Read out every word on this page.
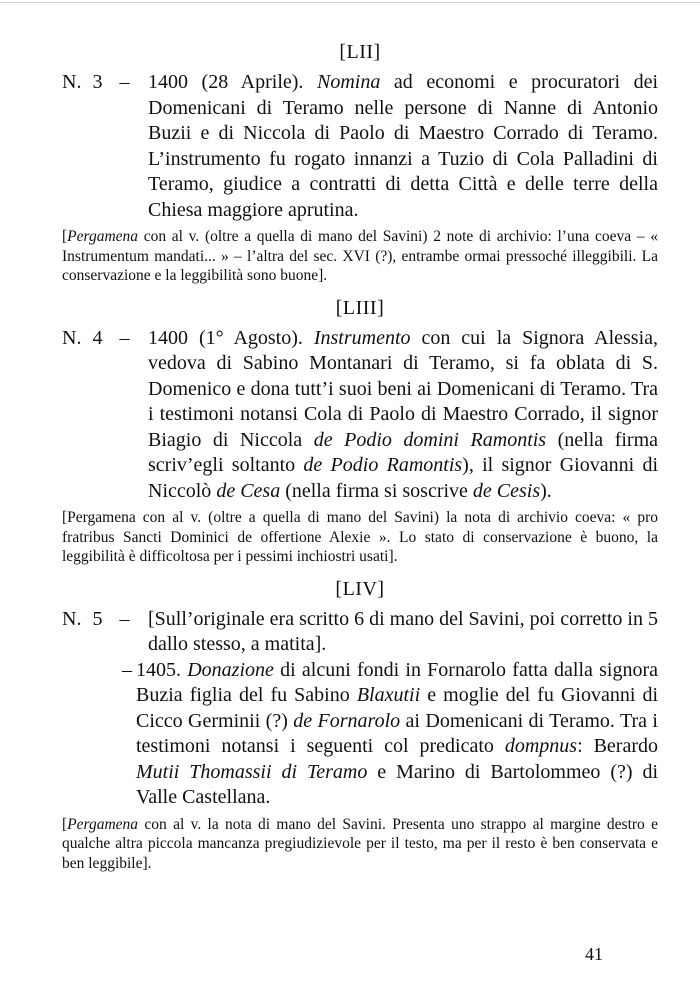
[LII]
N. 3 – 1400 (28 Aprile). Nomina ad economi e procuratori dei Domenicani di Teramo nelle persone di Nanne di Antonio Buzii e di Niccola di Paolo di Maestro Corrado di Teramo. L’instrumento fu rogato innanzi a Tuzio di Cola Palladini di Teramo, giudice a contratti di detta Città e delle terre della Chiesa maggiore aprutina.
[Pergamena con al v. (oltre a quella di mano del Savini) 2 note di archivio: l’una coeva – « Instrumentum mandati... » – l’altra del sec. XVI (?), entrambe ormai pressoché illeggibili. La conservazione e la leggibilità sono buone].
[LIII]
N. 4 – 1400 (1° Agosto). Instrumento con cui la Signora Alessia, vedova di Sabino Montanari di Teramo, si fa oblata di S. Domenico e dona tutt’i suoi beni ai Domenicani di Teramo. Tra i testimoni notansi Cola di Paolo di Maestro Corrado, il signor Biagio di Niccola de Podio domini Ramontis (nella firma scriv’egli soltanto de Podio Ramontis), il signor Giovanni di Niccolò de Cesa (nella firma si soscrive de Cesis).
[Pergamena con al v. (oltre a quella di mano del Savini) la nota di archivio coeva: « pro fratribus Sancti Dominici de offertione Alexie ». Lo stato di conservazione è buono, la leggibilità è difficoltosa per i pessimi inchiostri usati].
[LIV]
N. 5 – [Sull’originale era scritto 6 di mano del Savini, poi corretto in 5 dallo stesso, a matita].
– 1405. Donazione di alcuni fondi in Fornarolo fatta dalla signora Buzia figlia del fu Sabino Blaxutii e moglie del fu Giovanni di Cicco Germinii (?) de Fornarolo ai Domenicani di Teramo. Tra i testimoni notansi i seguenti col predicato dompnus: Berardo Mutii Thomassii di Teramo e Marino di Bartolommeo (?) di Valle Castellana.
[Pergamena con al v. la nota di mano del Savini. Presenta uno strappo al margine destro e qualche altra piccola mancanza pregiudizievole per il testo, ma per il resto è ben conservata e ben leggibile].
41
